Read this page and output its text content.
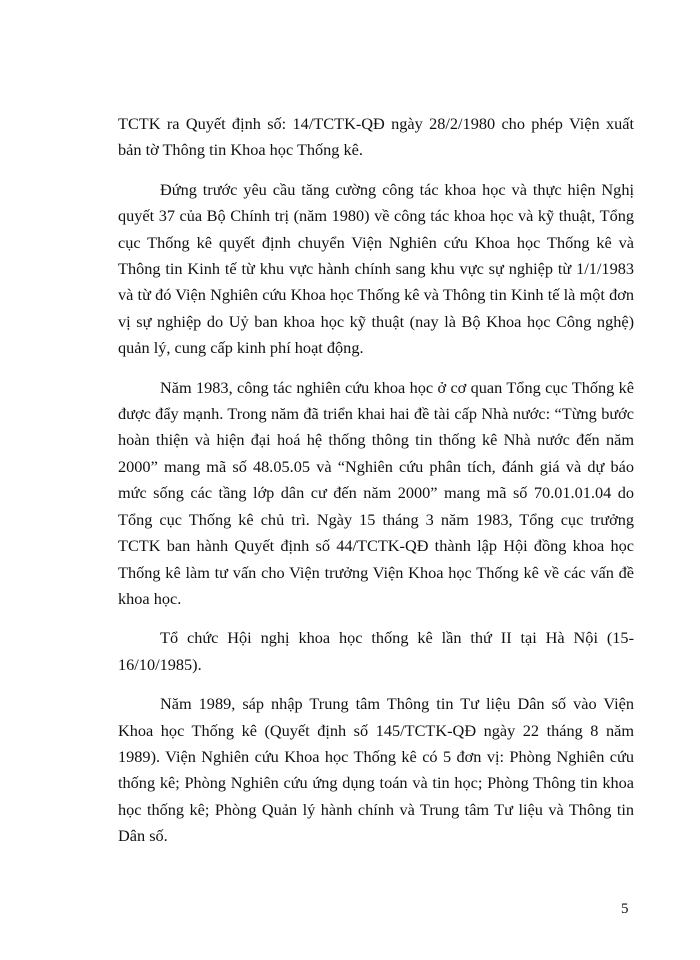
TCTK ra Quyết định số: 14/TCTK-QĐ ngày 28/2/1980 cho phép Viện xuất bản tờ Thông tin Khoa học Thống kê.

Đứng trước yêu cầu tăng cường công tác khoa học và thực hiện Nghị quyết 37 của Bộ Chính trị (năm 1980) về công tác khoa học và kỹ thuật, Tổng cục Thống kê quyết định chuyển Viện Nghiên cứu Khoa học Thống kê và Thông tin Kinh tế từ khu vực hành chính sang khu vực sự nghiệp từ 1/1/1983 và từ đó Viện Nghiên cứu Khoa học Thống kê và Thông tin Kinh tế là một đơn vị sự nghiệp do Uỷ ban khoa học kỹ thuật (nay là Bộ Khoa học Công nghệ) quản lý, cung cấp kinh phí hoạt động.

Năm 1983, công tác nghiên cứu khoa học ở cơ quan Tổng cục Thống kê được đẩy mạnh. Trong năm đã triển khai hai đề tài cấp Nhà nước: “Từng bước hoàn thiện và hiện đại hoá hệ thống thông tin thống kê Nhà nước đến năm 2000” mang mã số 48.05.05 và “Nghiên cứu phân tích, đánh giá và dự báo mức sống các tầng lớp dân cư đến năm 2000” mang mã số 70.01.01.04 do Tổng cục Thống kê chủ trì. Ngày 15 tháng 3 năm 1983, Tổng cục trưởng TCTK ban hành Quyết định số 44/TCTK-QĐ thành lập Hội đồng khoa học Thống kê làm tư vấn cho Viện trưởng Viện Khoa học Thống kê về các vấn đề khoa học.

Tổ chức Hội nghị khoa học thống kê lần thứ II tại Hà Nội (15-16/10/1985).

Năm 1989, sáp nhập Trung tâm Thông tin Tư liệu Dân số vào Viện Khoa học Thống kê (Quyết định số 145/TCTK-QĐ ngày 22 tháng 8 năm 1989). Viện Nghiên cứu Khoa học Thống kê có 5 đơn vị: Phòng Nghiên cứu thống kê; Phòng Nghiên cứu ứng dụng toán và tin học; Phòng Thông tin khoa học thống kê; Phòng Quản lý hành chính và Trung tâm Tư liệu và Thông tin Dân số.

5
